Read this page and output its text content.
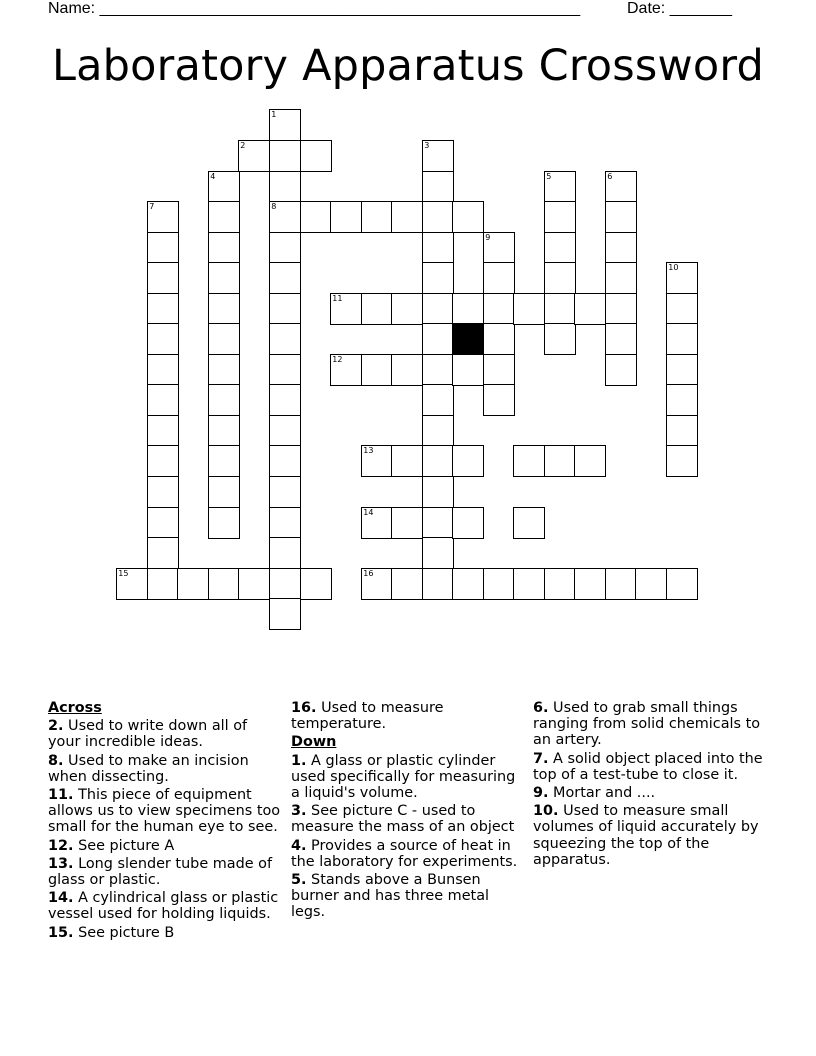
Name: ______________________________________________________	Date: _______
Laboratory Apparatus Crossword
1
8
2	3
4	5	6
7
9
10
11
12
13
14
15	16
Across
2. Used to write down all of your incredible ideas.
8. Used to make an incision when dissecting.
11. This piece of equipment allows us to view specimens too small for the human eye to see.
12. See picture A
13. Long slender tube made of glass or plastic.
14. A cylindrical glass or plastic vessel used for holding liquids.
15. See picture B
16. Used to measure temperature.
Down
1. A glass or plastic cylinder used specifically for measuring a liquid's volume.
3. See picture C - used to measure the mass of an object
4. Provides a source of heat in the laboratory for experiments.
5. Stands above a Bunsen burner and has three metal legs.
6. Used to grab small things ranging from solid chemicals to an artery.
7. A solid object placed into the top of a test-tube to close it.
9. Mortar and ....
10. Used to measure small volumes of liquid accurately by squeezing the top of the apparatus.
